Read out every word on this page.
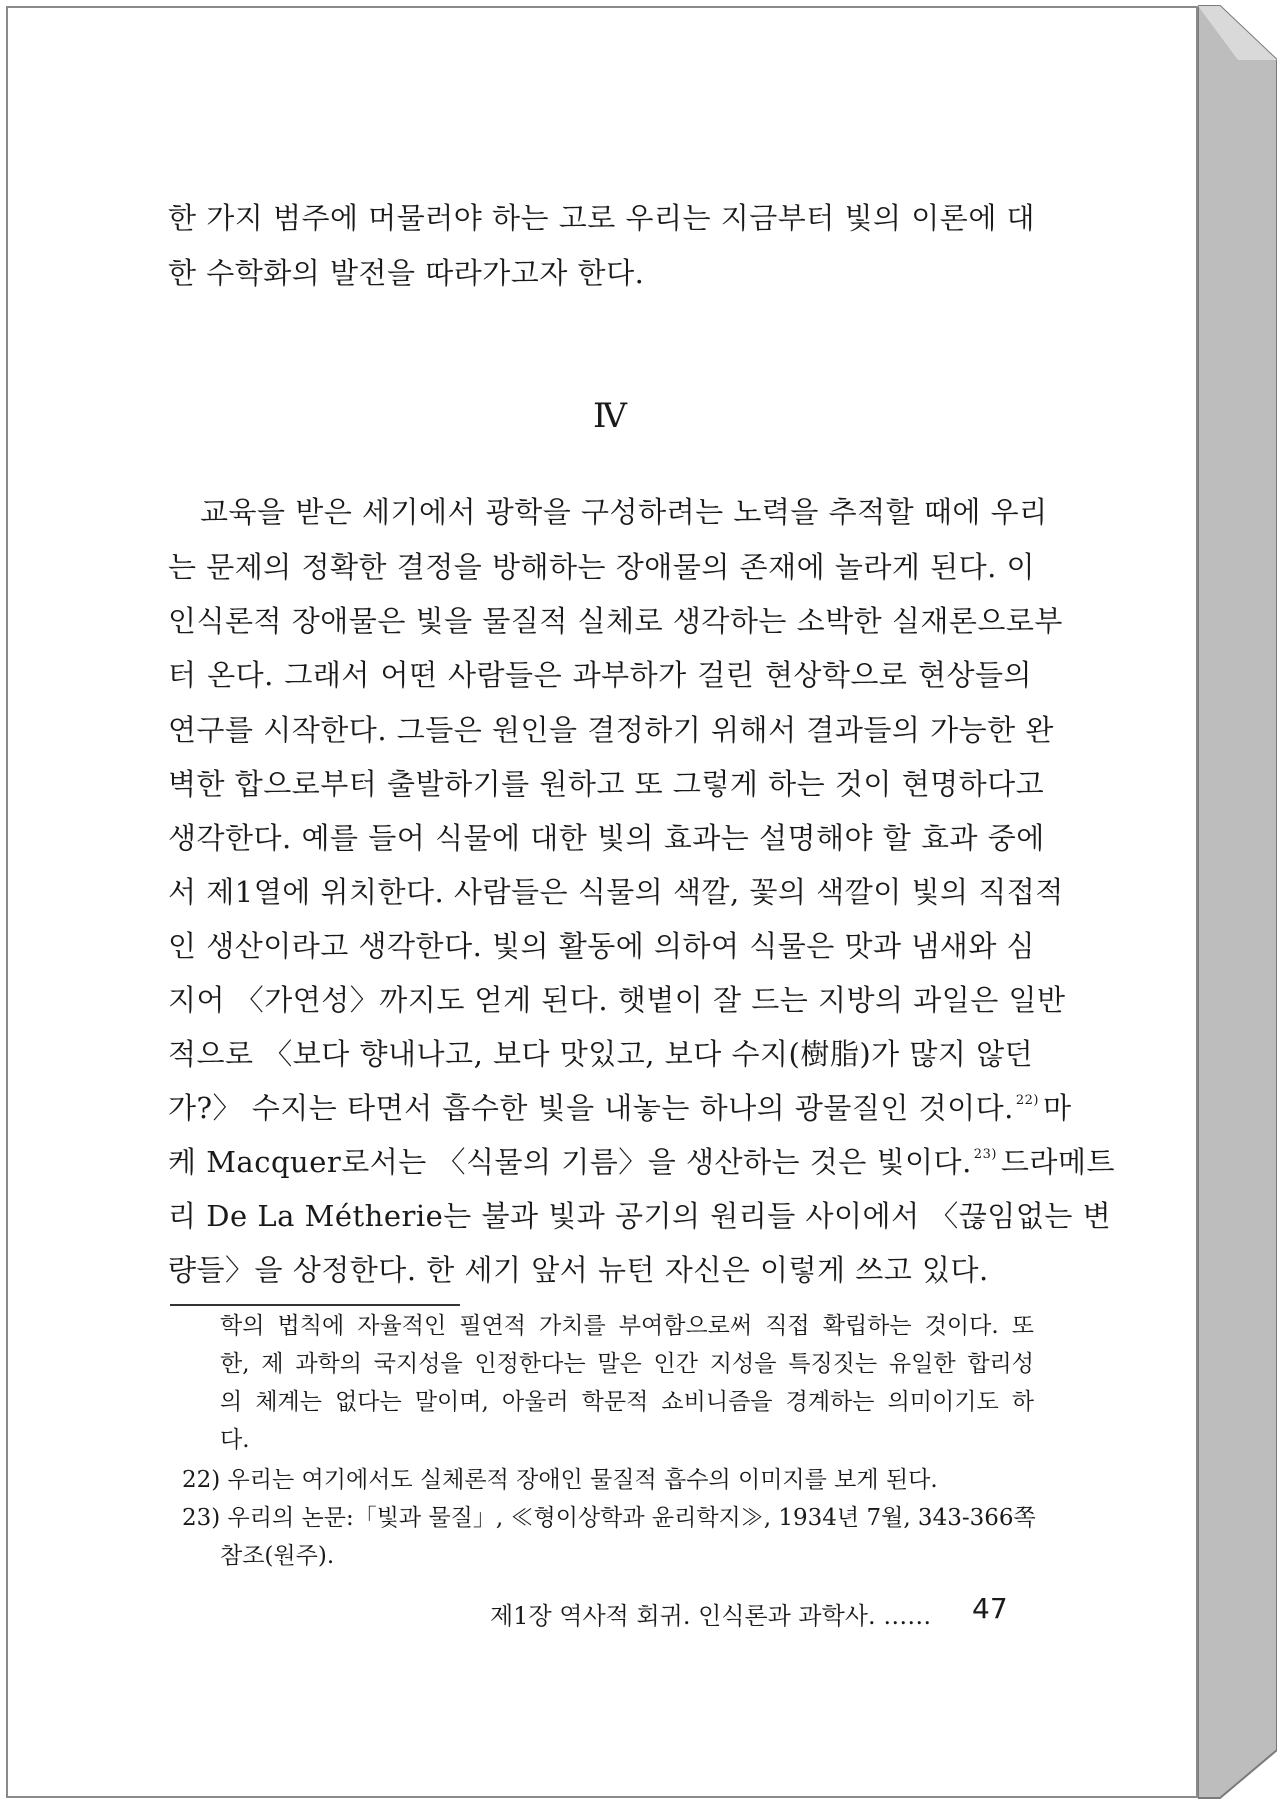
한 가지 범주에 머물러야 하는 고로 우리는 지금부터 빛의 이론에 대
한 수학화의 발전을 따라가고자 한다.
Ⅳ
교육을 받은 세기에서 광학을 구성하려는 노력을 추적할 때에 우리
는 문제의 정확한 결정을 방해하는 장애물의 존재에 놀라게 된다. 이
인식론적 장애물은 빛을 물질적 실체로 생각하는 소박한 실재론으로부
터 온다. 그래서 어떤 사람들은 과부하가 걸린 현상학으로 현상들의
연구를 시작한다. 그들은 원인을 결정하기 위해서 결과들의 가능한 완
벽한 합으로부터 출발하기를 원하고 또 그렇게 하는 것이 현명하다고
생각한다. 예를 들어 식물에 대한 빛의 효과는 설명해야 할 효과 중에
서 제1열에 위치한다. 사람들은 식물의 색깔, 꽃의 색깔이 빛의 직접적
인 생산이라고 생각한다. 빛의 활동에 의하여 식물은 맛과 냄새와 심
지어 〈가연성〉까지도 얻게 된다. 햇볕이 잘 드는 지방의 과일은 일반
적으로 〈보다 향내나고, 보다 맛있고, 보다 수지(樹脂)가 많지 않던
가?〉 수지는 타면서 흡수한 빛을 내놓는 하나의 광물질인 것이다. $^{22)}$ 마
케 Macquer로서는 〈식물의 기름〉을 생산하는 것은 빛이다. $^{23)}$ 드라메트
리 De La Métherie는 불과 빛과 공기의 원리들 사이에서 〈끊임없는 변
학의 법칙에 자율적인 필연적 가치를 부여함으로써 직접 확립하는 것이다. 또
한, 제 과학의 국지성을 인정한다는 말은 인간 지성을 특징짓는 유일한 합리성
의 체계는 없다는 말이며, 아울러 학문적 쇼비니즘을 경계하는 의미이기도 하
다.
22) 우리는 여기에서도 실체론적 장애인 물질적 흡수의 이미지를 보게 된다.
23) 우리의 논문:「빛과 물질」, ≪형이상학과 윤리학지≫, 1934년 7월, 343-366쪽
참조(원주).
제1장 역사적 회귀. 인식론과 과학사. …… 47
량들〉을 상정한다. 한 세기 앞서 뉴턴 자신은 이렇게 쓰고 있다.
